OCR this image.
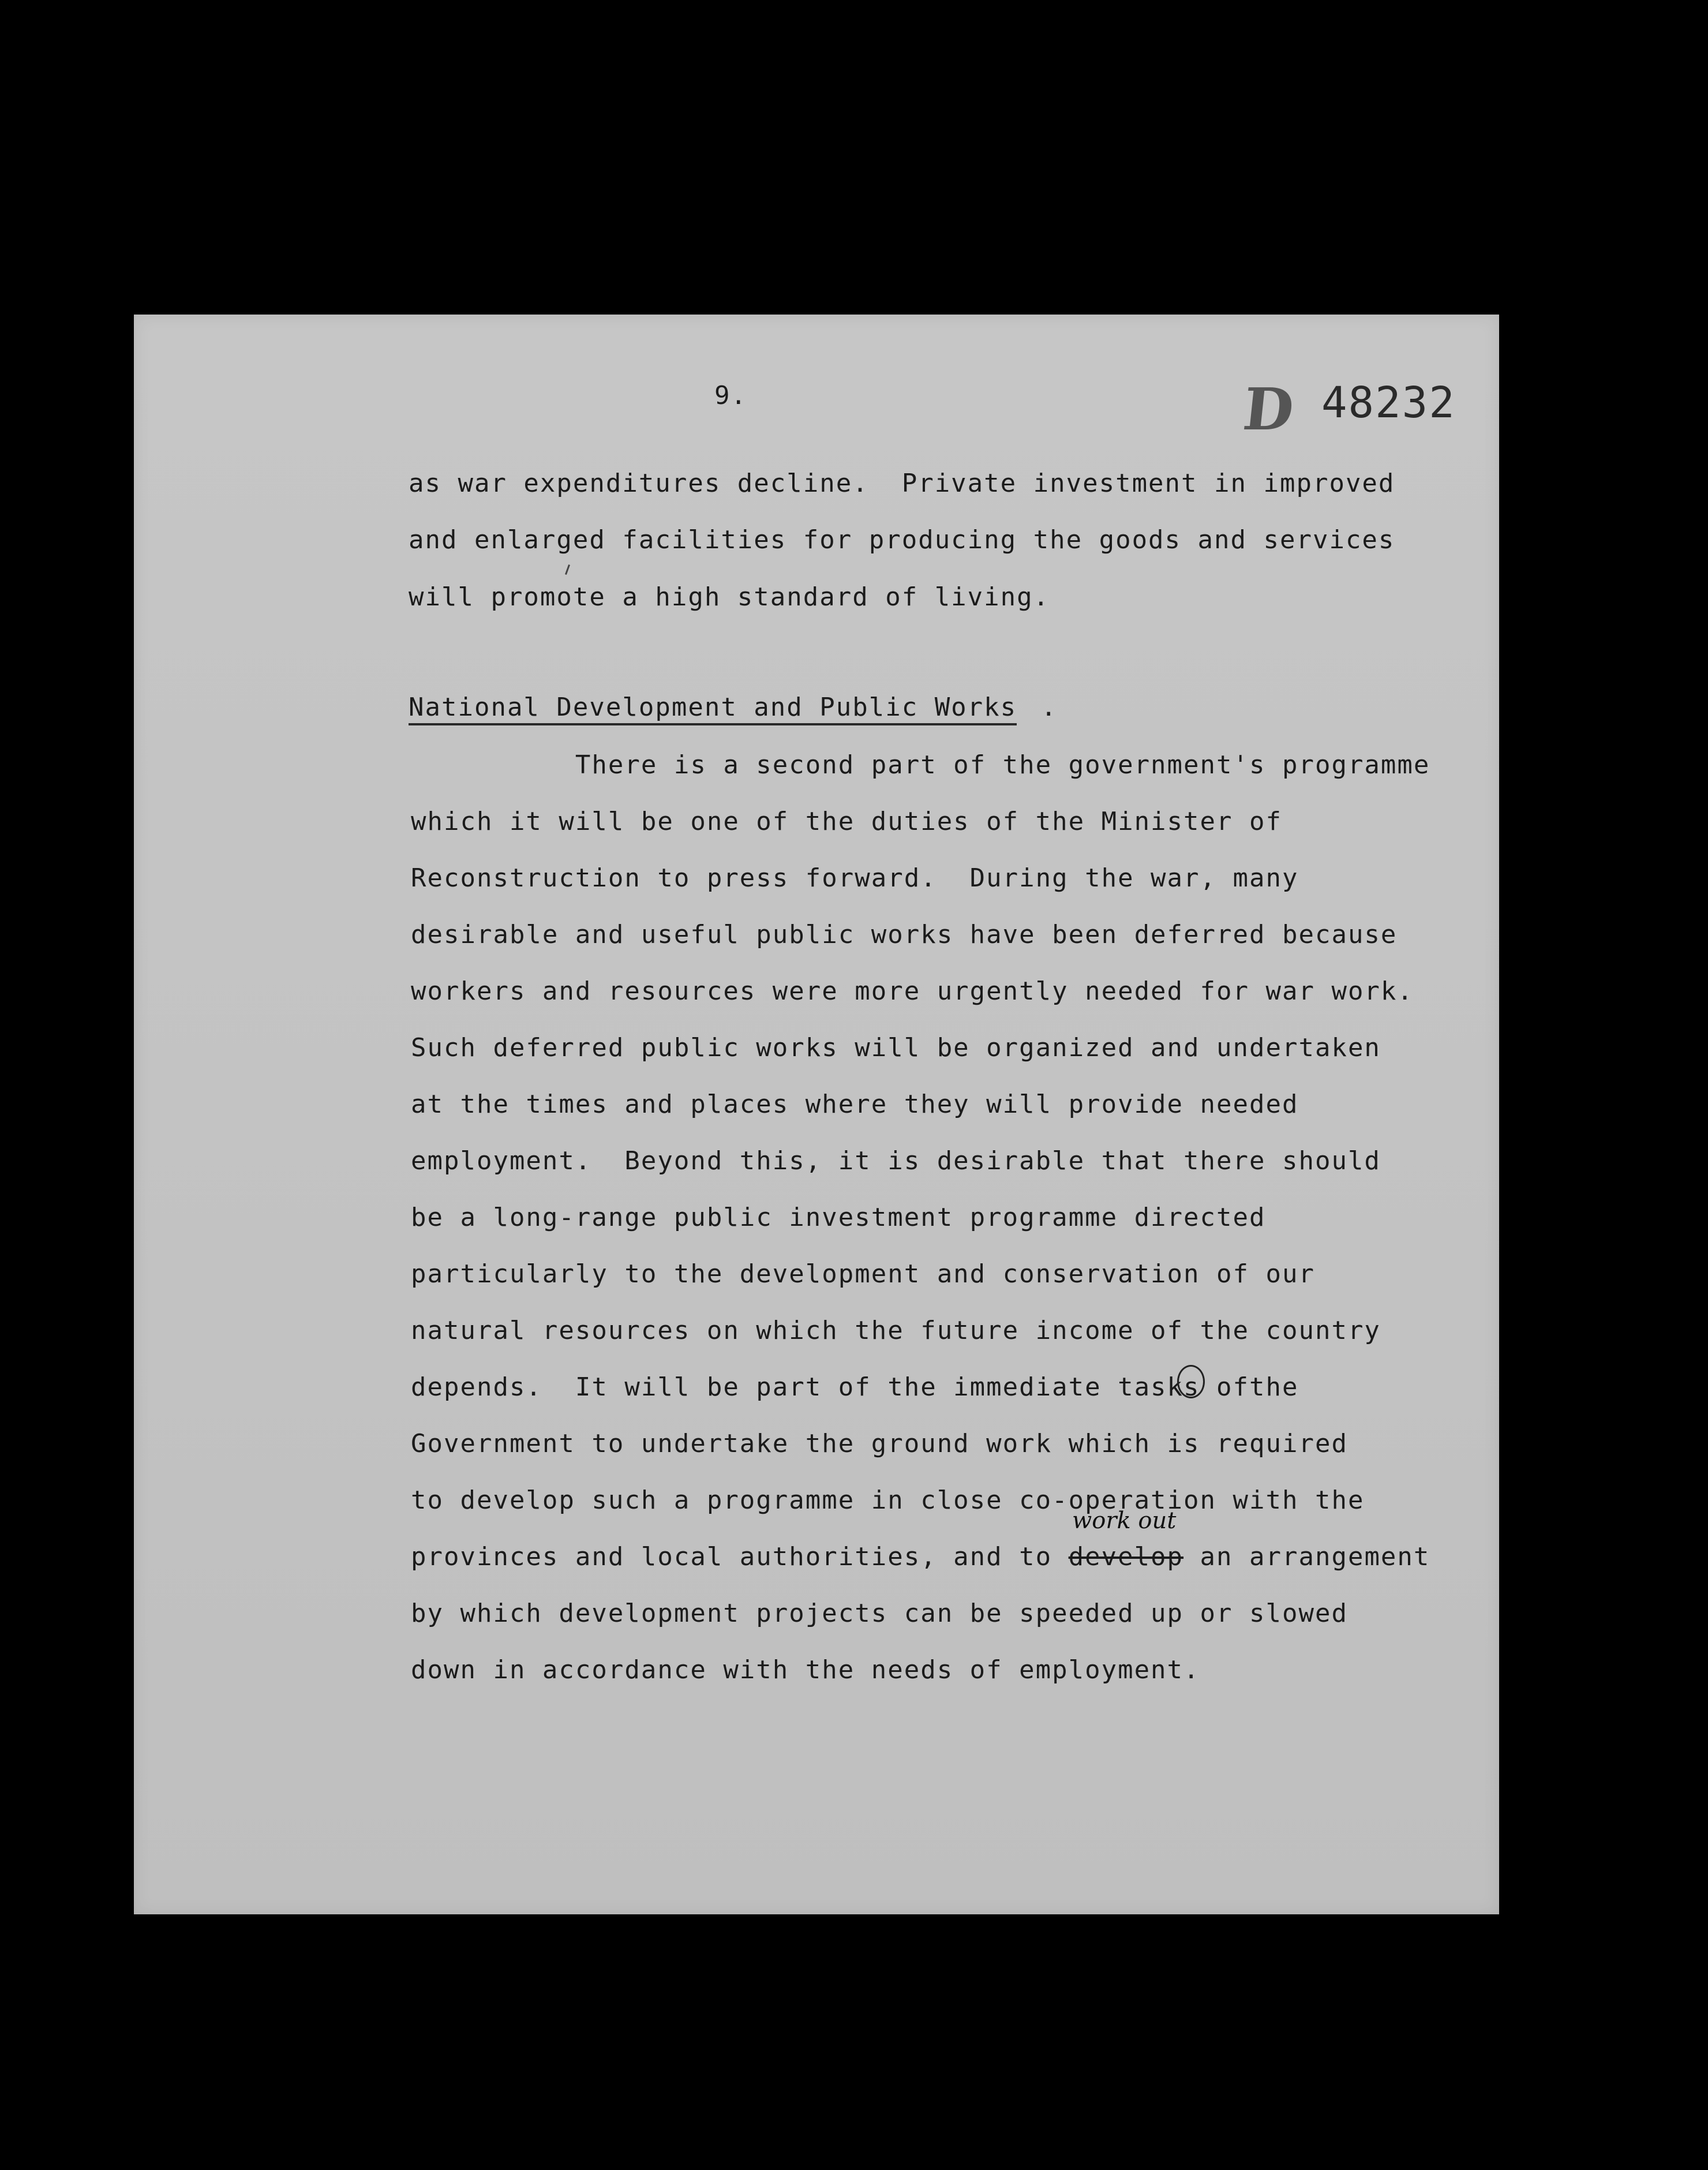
9.	D 48232
as war expenditures decline.  Private investment in improved
and enlarged facilities for producing the goods and services
will promote a high standard of living.
National Development and Public Works .
There is a second part of the government's programme
which it will be one of the duties of the Minister of
Reconstruction to press forward.  During the war, many
desirable and useful public works have been deferred because
workers and resources were more urgently needed for war work.
Such deferred public works will be organized and undertaken
at the times and places where they will provide needed
employment.  Beyond this, it is desirable that there should
be a long-range public investment programme directed
particularly to the development and conservation of our
natural resources on which the future income of the country
depends.  It will be part of the immediate tasks ofthe
Government to undertake the ground work which is required
to develop such a programme in close co-operation with the
work out
provinces and local authorities, and to develop an arrangement
by which development projects can be speeded up or slowed
down in accordance with the needs of employment.
